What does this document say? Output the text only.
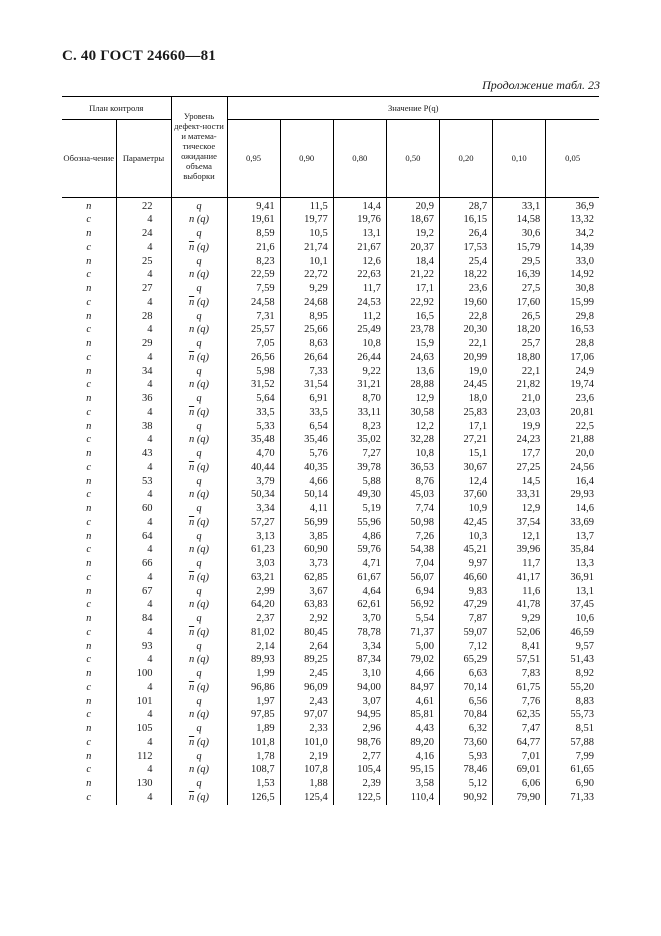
С. 40 ГОСТ 24660—81
Продолжение табл. 23
План контроля		Уровень дефект-ности и матема-тическое ожидание объема выборки	Значение P(q)						
Обозна-чение	Параметры		0,95	0,90	0,80	0,50	0,20	0,10	0,05
n	22	q	9,41	11,5	14,4	20,9	28,7	33,1	36,9
c	4	$\overline{n}$ (q)	19,61	19,77	19,76	18,67	16,15	14,58	13,32
n	24	q	8,59	10,5	13,1	19,2	26,4	30,6	34,2
c	4	$\overline{n}$ (q)	21,6	21,74	21,67	20,37	17,53	15,79	14,39
n	25	q	8,23	10,1	12,6	18,4	25,4	29,5	33,0
c	4	$\overline{n}$ (q)	22,59	22,72	22,63	21,22	18,22	16,39	14,92
n	27	q	7,59	9,29	11,7	17,1	23,6	27,5	30,8
c	4	$\overline{n}$ (q)	24,58	24,68	24,53	22,92	19,60	17,60	15,99
n	28	q	7,31	8,95	11,2	16,5	22,8	26,5	29,8
c	4	$\overline{n}$ (q)	25,57	25,66	25,49	23,78	20,30	18,20	16,53
n	29	q	7,05	8,63	10,8	15,9	22,1	25,7	28,8
c	4	$\overline{n}$ (q)	26,56	26,64	26,44	24,63	20,99	18,80	17,06
n	34	q	5,98	7,33	9,22	13,6	19,0	22,1	24,9
c	4	$\overline{n}$ (q)	31,52	31,54	31,21	28,88	24,45	21,82	19,74
n	36	q	5,64	6,91	8,70	12,9	18,0	21,0	23,6
c	4	$\overline{n}$ (q)	33,5	33,5	33,11	30,58	25,83	23,03	20,81
n	38	q	5,33	6,54	8,23	12,2	17,1	19,9	22,5
c	4	$\overline{n}$ (q)	35,48	35,46	35,02	32,28	27,21	24,23	21,88
n	43	q	4,70	5,76	7,27	10,8	15,1	17,7	20,0
c	4	$\overline{n}$ (q)	40,44	40,35	39,78	36,53	30,67	27,25	24,56
n	53	q	3,79	4,66	5,88	8,76	12,4	14,5	16,4
c	4	$\overline{n}$ (q)	50,34	50,14	49,30	45,03	37,60	33,31	29,93
n	60	q	3,34	4,11	5,19	7,74	10,9	12,9	14,6
c	4	$\overline{n}$ (q)	57,27	56,99	55,96	50,98	42,45	37,54	33,69
n	64	q	3,13	3,85	4,86	7,26	10,3	12,1	13,7
c	4	$\overline{n}$ (q)	61,23	60,90	59,76	54,38	45,21	39,96	35,84
n	66	q	3,03	3,73	4,71	7,04	9,97	11,7	13,3
c	4	$\overline{n}$ (q)	63,21	62,85	61,67	56,07	46,60	41,17	36,91
n	67	q	2,99	3,67	4,64	6,94	9,83	11,6	13,1
c	4	$\overline{n}$ (q)	64,20	63,83	62,61	56,92	47,29	41,78	37,45
n	84	q	2,37	2,92	3,70	5,54	7,87	9,29	10,6
c	4	$\overline{n}$ (q)	81,02	80,45	78,78	71,37	59,07	52,06	46,59
n	93	q	2,14	2,64	3,34	5,00	7,12	8,41	9,57
c	4	$\overline{n}$ (q)	89,93	89,25	87,34	79,02	65,29	57,51	51,43
n	100	q	1,99	2,45	3,10	4,66	6,63	7,83	8,92
c	4	$\overline{n}$ (q)	96,86	96,09	94,00	84,97	70,14	61,75	55,20
n	101	q	1,97	2,43	3,07	4,61	6,56	7,76	8,83
c	4	$\overline{n}$ (q)	97,85	97,07	94,95	85,81	70,84	62,35	55,73
n	105	q	1,89	2,33	2,96	4,43	6,32	7,47	8,51
c	4	$\overline{n}$ (q)	101,8	101,0	98,76	89,20	73,60	64,77	57,88
n	112	q	1,78	2,19	2,77	4,16	5,93	7,01	7,99
c	4	$\overline{n}$ (q)	108,7	107,8	105,4	95,15	78,46	69,01	61,65
n	130	q	1,53	1,88	2,39	3,58	5,12	6,06	6,90
c	4	$\overline{n}$ (q)	126,5	125,4	122,5	110,4	90,92	79,90	71,33
